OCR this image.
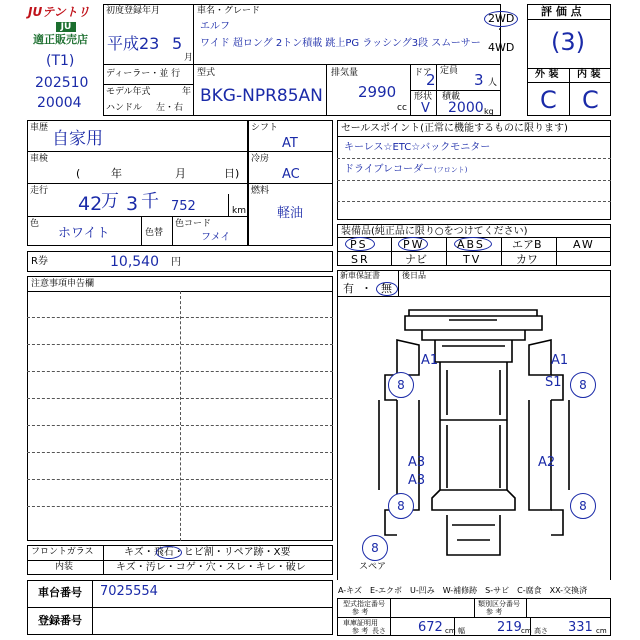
JUテントリ
JU
適正販売店
(T1)
202510
20004
初度登録年月
平成23 5
月
車名・グレード
エルフ
ワイド 超ロング 2トン積載 跳上PG ラッシング3段 スムーサー
2WD
・
4WD
ディーラー・並 行
モデル年式	年
ハンドル 左・右
型式
BKG-NPR85AN
排気量
2990
cc
ドア
2 定員 3 人
形状
V
積載
2000 kg
評 価 点
(3)
外 装 内 装
C C
車歴
自家用
車検
(	年	月	日)
走行
42
万 3 千 752	km
色
ホワイト	色替
色コード
フメイ
シフト
AT
冷房
AC
燃料
軽油
R券	10,540 円
注意事項申告欄
セールスポイント(正常に機能するものに限ります)
キーレス☆ETC☆バックモニター
ドライブレコーダー (フロント)
装備品(純正品に限り○をつけてください)
PS	PW	ABS エアB	AW
SR	ナビ	TV	カワ
新車保証書
有 ・ 無
後日品
8	8
8	8
8
スペア
A1	A1
S1
A3
A3
A2
フロントガラス	キズ・飛石・ヒビ割・リペア跡・X要
内装	キズ・汚レ・コゲ・穴・スレ・キレ・破レ
車台番号 7025554
登録番号
A-キズ　E-エクボ　U-凹み　W-補修跡　S-サビ　C-腐食　XX-交換済
型式指定番号
参 考
類別区分番号
参 考
車庫証明用
参 考 長さ 672 cm 幅 219 cm 高さ 331 cm
